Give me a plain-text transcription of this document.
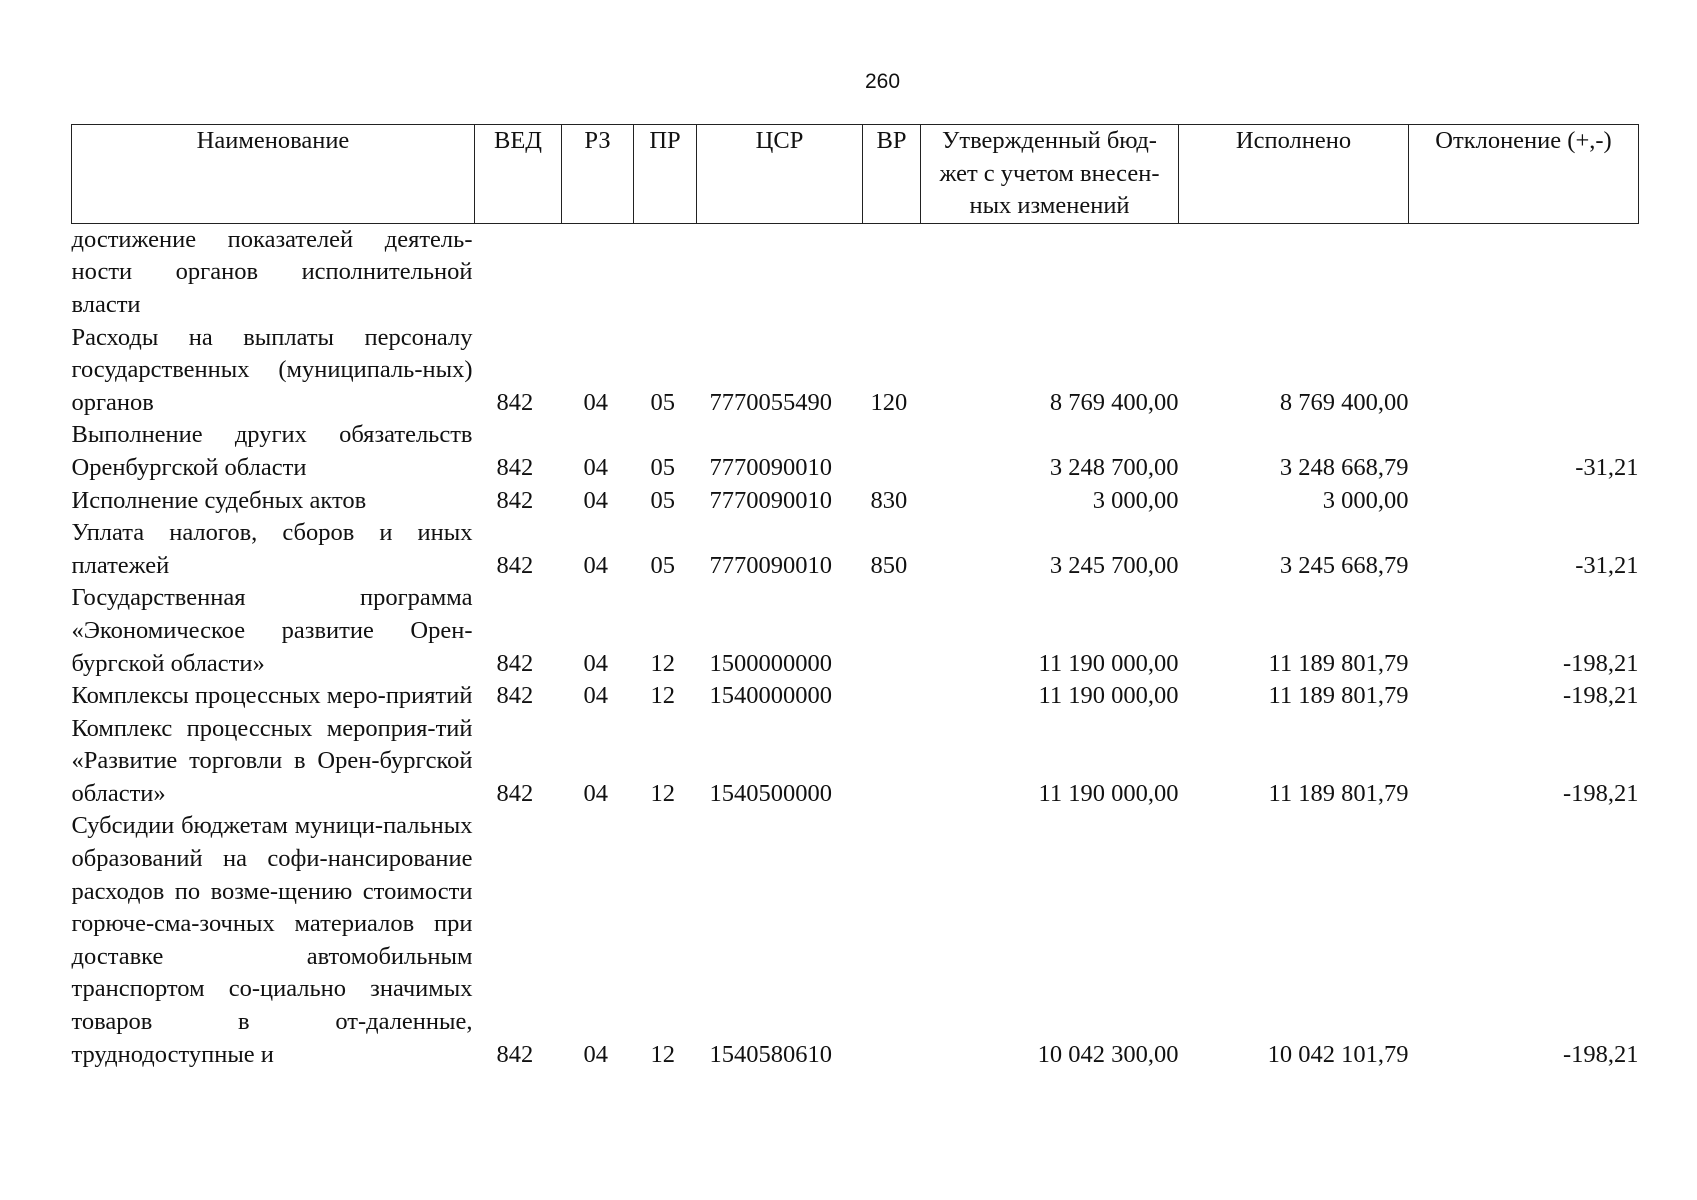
260
Наименование	ВЕД	РЗ	ПР	ЦСР	ВР	Утвержденный бюд-жет с учетом внесен-ных изменений	Исполнено	Отклонение (+,-)
достижение показателей деятель-ности органов исполнительной власти								
Расходы на выплаты персоналу государственных (муниципаль-ных) органов	842	04	05	7770055490	120	8 769 400,00	8 769 400,00	
Выполнение других обязательств Оренбургской области	842	04	05	7770090010		3 248 700,00	3 248 668,79	-31,21
Исполнение судебных актов	842	04	05	7770090010	830	3 000,00	3 000,00	
Уплата налогов, сборов и иных платежей	842	04	05	7770090010	850	3 245 700,00	3 245 668,79	-31,21
Государственная программа «Экономическое развитие Орен-бургской области»	842	04	12	1500000000		11 190 000,00	11 189 801,79	-198,21
Комплексы процессных меро-приятий	842	04	12	1540000000		11 190 000,00	11 189 801,79	-198,21
Комплекс процессных мероприя-тий «Развитие торговли в Орен-бургской области»	842	04	12	1540500000		11 190 000,00	11 189 801,79	-198,21
Субсидии бюджетам муници-пальных образований на софи-нансирование расходов по возме-щению стоимости горюче-сма-зочных материалов при доставке автомобильным транспортом со-циально значимых товаров в от-даленные, труднодоступные и	842	04	12	1540580610		10 042 300,00	10 042 101,79	-198,21
